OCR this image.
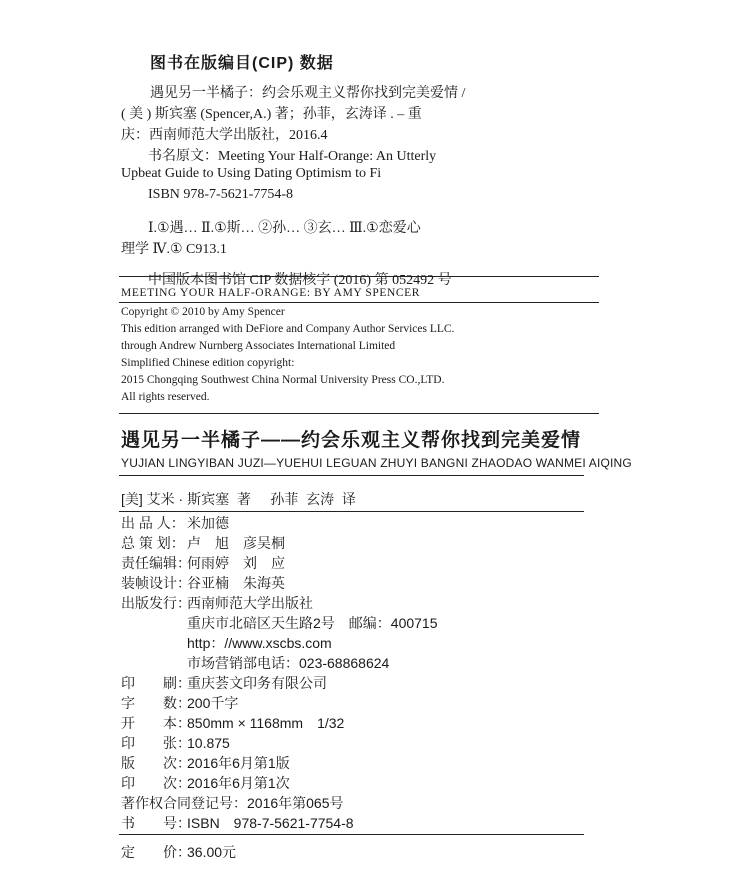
图书在版编目(CIP) 数据
遇见另一半橘子：约会乐观主义帮你找到完美爱情 /
( 美 ) 斯宾塞 (Spencer,A.) 著；孙菲，玄涛译 . – 重
庆：西南师范大学出版社，2016.4
书名原文：Meeting Your Half-Orange: An Utterly
Upbeat Guide to Using Dating Optimism to Fi
ISBN 978-7-5621-7754-8
Ⅰ.①遇… Ⅱ.①斯… ②孙… ③玄… Ⅲ.①恋爱心
理学 Ⅳ.① C913.1
中国版本图书馆 CIP 数据核字 (2016) 第 052492 号
MEETING YOUR HALF-ORANGE: BY AMY SPENCER
Copyright © 2010 by Amy Spencer
This edition arranged with DeFiore and Company Author Services LLC.
through Andrew Nurnberg Associates International Limited
Simplified Chinese edition copyright:
2015 Chongqing Southwest China Normal University Press CO.,LTD.
All rights reserved.
遇见另一半橘子——约会乐观主义帮你找到完美爱情
YUJIAN LINGYIBAN JUZI—YUEHUI LEGUAN ZHUYI BANGNI ZHAODAO WANMEI AIQING
[美] 艾米 · 斯宾塞  著     孙菲  玄涛  译
出 品 人： 米加德
总 策 划： 卢　旭　彦吴桐
责任编辑：何雨婷　刘　应
装帧设计：谷亚楠　朱海英
出版发行：西南师范大学出版社
重庆市北碚区天生路2号　邮编：400715
http：//www.xscbs.com
市场营销部电话：023-68868624
印　　刷：重庆荟文印务有限公司
字　　数：200千字
开　　本：850mm × 1168mm　1/32
印　　张：10.875
版　　次：2016年6月第1版
印　　次：2016年6月第1次
著作权合同登记号：2016年第065号
书　　号：ISBN　978-7-5621-7754-8
定　　价：36.00元
